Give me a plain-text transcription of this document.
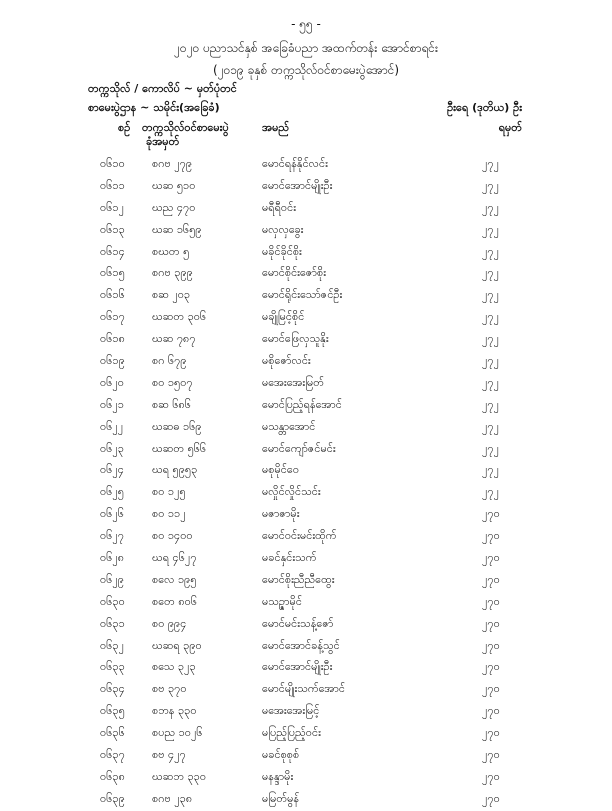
- ၅၅ -
၂၀၂၀ ပညာသင်နှစ် အခြေခံပညာ အထက်တန်း အောင်စာရင်း
(၂၀၁၉ ခုနှစ် တက္ကသိုလ်ဝင်စာမေးပွဲအောင်)
တက္ကသိုလ် / ကောလိပ် ~ မှတ်ပုံတင်
စာမေးပွဲဌာန ~ သမိုင်း(အခြေခံ)	ဦးရေ (ဒုတိယ) ဦး
စဉ် တက္ကသိုလ်ဝင်စာမေးပွဲ
ခုံအမှတ်
အမည်	ရမှတ်
၀၆၁၀ စဂဗ ၂၇၉	မောင်ရန်နိုင်လင်း	၂၇၂
၀၆၁၁ ဃဆ ၅၁၀	မောင်အောင်မျိုးဦး	၂၇၂
၀၆၁၂	ဃည ၄၇၀	မရီရီဝင်း	၂၇၂
၀၆၁၃ ဃဆ ၁၆၅၉	မလှလှခွေး	၂၇၂
၀၆၁၄ စဃတ ၅	မခိုင်ခိုင်စိုး	၂၇၂
၀၆၁၅ စဂဗ ၃၉၉	မောင်စိုင်းဇော်စိုး	၂၇၂
၀၆၁၆ စဆ ၂၀၃	မောင်ရိုင်းသော်ဇင်ဦး	၂၇၂
၀၆၁၇ ဃဆတ ၃၀၆	မချိုမြင့်စိုင်	၂၇၂
၀၆၁၈ ဃဆ ၇၈၇	မောင်ဖြေလှသူနိုး	၂၇၂
၀၆၁၉ စဂ ၆၇၉	မစိုဇော်လင်း	၂၇၂
၀၆၂၀	စဝ ၁၅၀၇	မအေးအေးမြတ်	၂၇၂
၀၆၂၁	စဆ ၆၈၆	မောင်ပြည့်ရန်အောင်	၂၇၂
၀၆၂၂	ဃဆဓ ၁၆၉	မသန္တာအောင်	၂၇၂
၀၆၂၃	ဃဆတ ၅၆၆	မောင်ကျော်ဇင်မင်း	၂၇၂
၀၆၂၄	ဃရ ၅၉၅၃	မစုမိုင်ဝေ	၂၇၂
၀၆၂၅	စဝ ၁၂၅	မလှိုင်လှိုင်သင်း	၂၇၂
၀၆၂၆	စဝ ၁၁၂	မဇာဇာမိုး	၂၇၀
၀၆၂၇	စဝ ၁၄၀၀	မောင်ဝင်းမင်းထိုက်	၂၇၀
၀၆၂၈	ဃရ ၄၆၂၇	မခင်နှင်းသက်	၂၇၀
၀၆၂၉	စလေ ၁၉၅	မောင်စိုးညီညီထွေး	၂၇၀
၀၆၃၀ စတေ ၈၀၆	မသဉ္ဇာမိုင်	၂၇၀
၀၆၃၁ စဝ ၉၉၄	မောင်မင်းသန့်ဇော်	၂၇၀
၀၆၃၂	ဃဆရ ၃၉၀	မောင်အောင်ခန့်သွင်	၂၇၀
၀၆၃၃ စသေ ၃၂၃	မောင်အောင်မျိုးဦး	၂၇၀
၀၆၃၄ စဗ ၃၇၀	မောင်မျိုးသက်အောင်	၂၇၀
၀၆၃၅ စဘန ၃၃၀	မအေးအေးမြင့်	၂၇၀
၀၆၃၆ စပည ၁၀၂၆	မပြည့်ပြည့်ဝင်း	၂၇၀
၀၆၃၇ စဗ ၄၂၇	မခင်စုစုစ်	၂၇၀
၀၆၃၈ ဃဆဘ ၃၃၀	မနန္ဒာမိုး	၂၇၀
၀၆၃၉ စဂဗ ၂၃၈	မမြတ်မွန်	၂၇၀
